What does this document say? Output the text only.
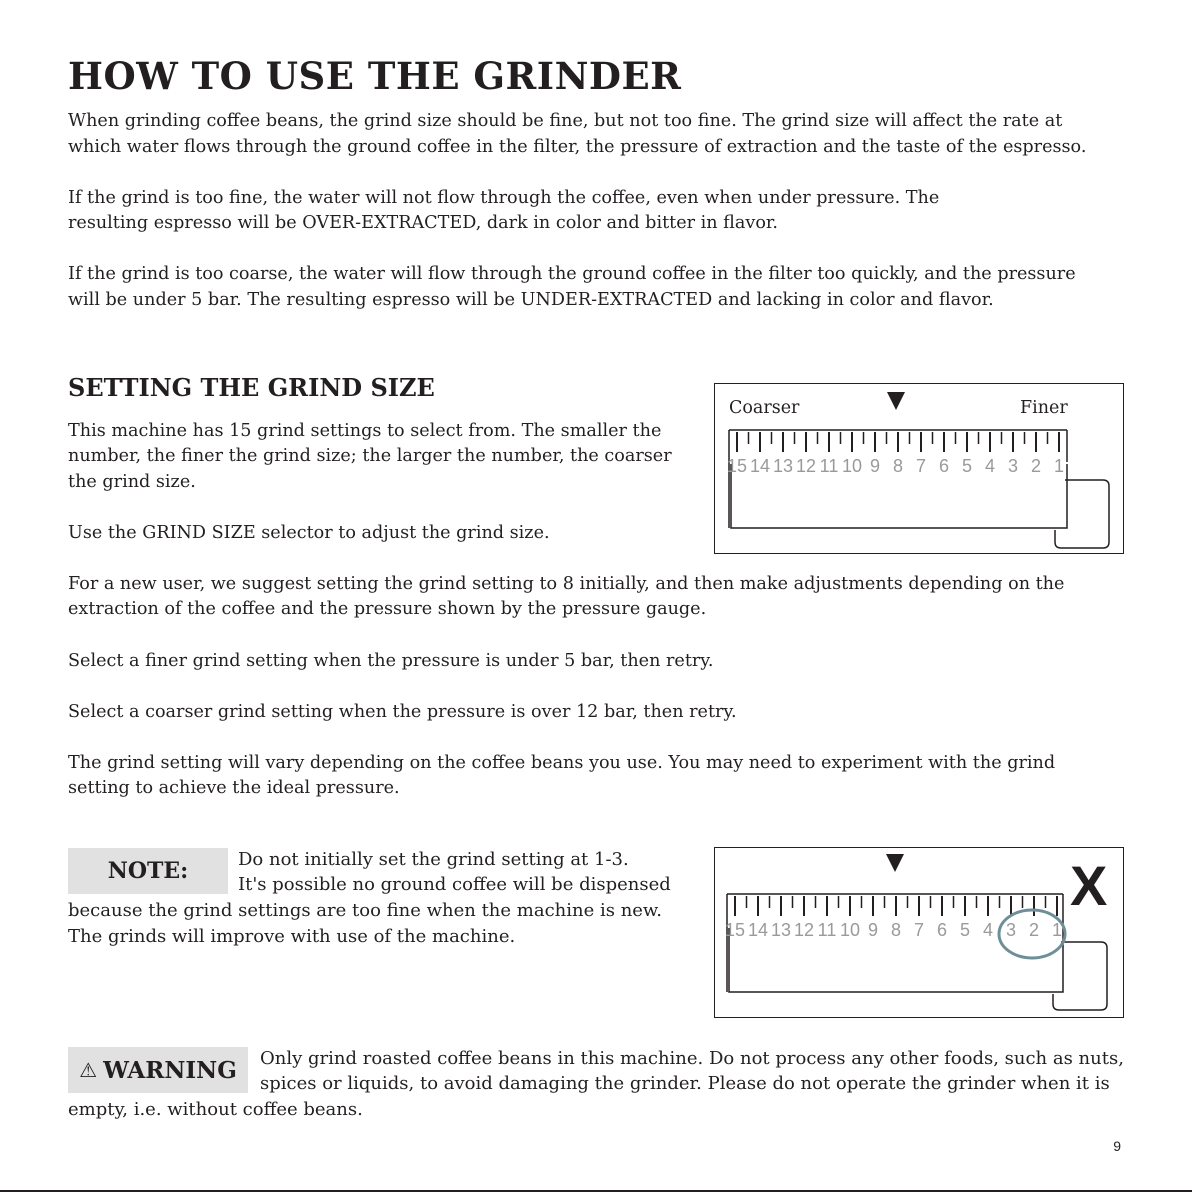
HOW TO USE THE GRINDER

When grinding coffee beans, the grind size should be fine, but not too fine. The grind size will affect the rate at

which water flows through the ground coffee in the filter, the pressure of extraction and the taste of the espresso.

If the grind is too fine, the water will not flow through the coffee, even when under pressure. The

resulting espresso will be OVER-EXTRACTED, dark in color and bitter in flavor.

If the grind is too coarse, the water will flow through the ground coffee in the filter too quickly, and the pressure

will be under 5 bar. The resulting espresso will be UNDER-EXTRACTED and lacking in color and flavor.

SETTING THE GRIND SIZE

This machine has 15 grind settings to select from. The smaller the

number, the finer the grind size; the larger the number, the coarser

the grind size.

Use the GRIND SIZE selector to adjust the grind size.

For a new user, we suggest setting the grind setting to 8 initially, and then make adjustments depending on the

extraction of the coffee and the pressure shown by the pressure gauge.

Select a finer grind setting when the pressure is under 5 bar, then retry.

Select a coarser grind setting when the pressure is over 12 bar, then retry.

The grind setting will vary depending on the coffee beans you use. You may need to experiment with the grind

setting to achieve the ideal pressure.

Coarser	Finer
15 14 13 12 11 10 9 8 7 6 5 4 3 2 1
NOTE:	Do not initially set the grind setting at 1-3.

It's possible no ground coffee will be dispensed

because the grind settings are too fine when the machine is new.

The grinds will improve with use of the machine.

X
15 14 13 12 11 10 9 8 7 6 5 4 3 2 1
⚠ WARNING Only grind roasted coffee beans in this machine. Do not process any other foods, such as nuts,

spices or liquids, to avoid damaging the grinder. Please do not operate the grinder when it is

empty, i.e. without coffee beans.

9
